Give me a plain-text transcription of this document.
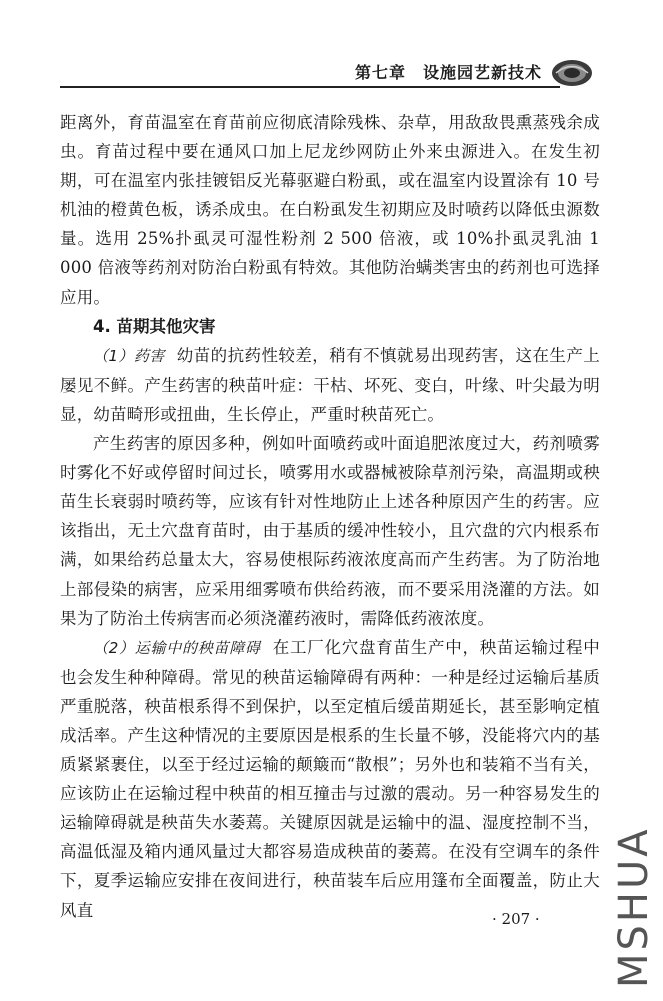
第七章　设施园艺新技术

距离外，育苗温室在育苗前应彻底清除残株、杂草，用敌敌畏熏蒸残余成虫。育苗过程中要在通风口加上尼龙纱网防止外来虫源进入。在发生初期，可在温室内张挂镀铝反光幕驱避白粉虱，或在温室内设置涂有 10 号机油的橙黄色板，诱杀成虫。在白粉虱发生初期应及时喷药以降低虫源数量。选用 25%扑虱灵可湿性粉剂 2 500 倍液，或 10%扑虱灵乳油 1 000 倍液等药剂对防治白粉虱有特效。其他防治螨类害虫的药剂也可选择应用。

4. 苗期其他灾害

（1）药害 幼苗的抗药性较差，稍有不慎就易出现药害，这在生产上屡见不鲜。产生药害的秧苗叶症：干枯、坏死、变白，叶缘、叶尖最为明显，幼苗畸形或扭曲，生长停止，严重时秧苗死亡。

产生药害的原因多种，例如叶面喷药或叶面追肥浓度过大，药剂喷雾时雾化不好或停留时间过长，喷雾用水或器械被除草剂污染，高温期或秧苗生长衰弱时喷药等，应该有针对性地防止上述各种原因产生的药害。应该指出，无土穴盘育苗时，由于基质的缓冲性较小，且穴盘的穴内根系布满，如果给药总量太大，容易使根际药液浓度高而产生药害。为了防治地上部侵染的病害，应采用细雾喷布供给药液，而不要采用浇灌的方法。如果为了防治土传病害而必须浇灌药液时，需降低药液浓度。

（2）运输中的秧苗障碍 在工厂化穴盘育苗生产中，秧苗运输过程中也会发生种种障碍。常见的秧苗运输障碍有两种：一种是经过运输后基质严重脱落，秧苗根系得不到保护，以至定植后缓苗期延长，甚至影响定植成活率。产生这种情况的主要原因是根系的生长量不够，没能将穴内的基质紧紧裹住，以至于经过运输的颠簸而“散根”；另外也和装箱不当有关，应该防止在运输过程中秧苗的相互撞击与过激的震动。另一种容易发生的运输障碍就是秧苗失水萎蔫。关键原因就是运输中的温、湿度控制不当，高温低湿及箱内通风量过大都容易造成秧苗的萎蔫。在没有空调车的条件下，夏季运输应安排在夜间进行，秧苗装车后应用篷布全面覆盖，防止大风直	· 207 · MSHUA
